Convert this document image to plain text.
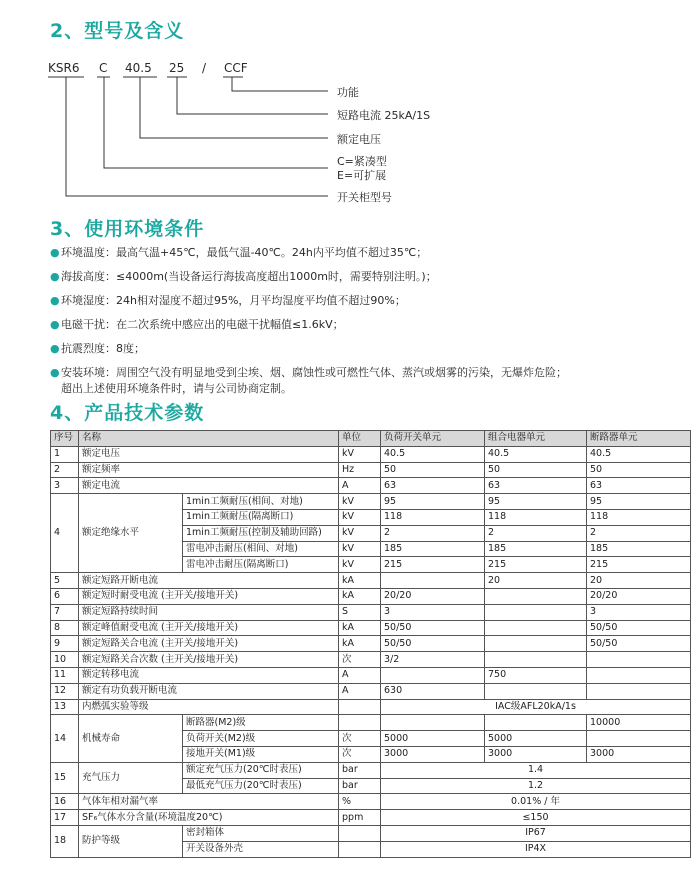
2、型号及含义
KSR6 C 40.5 25 / CCF
功能
短路电流 25kA/1S
额定电压
C=紧凑型
E=可扩展
开关柜型号
3、使用环境条件
● 环境温度：最高气温+45℃，最低气温-40℃。24h内平均值不超过35℃；
● 海拔高度：≤4000m(当设备运行海拔高度超出1000m时，需要特别注明。)；
● 环境湿度：24h相对湿度不超过95%，月平均湿度平均值不超过90%；
● 电磁干扰：在二次系统中感应出的电磁干扰幅值≤1.6kV；
● 抗震烈度：8度；
● 安装环境：周围空气没有明显地受到尘埃、烟、腐蚀性或可燃性气体、蒸汽或烟雾的污染，无爆炸危险；
超出上述使用环境条件时，请与公司协商定制。
4、产品技术参数
序号	名称		单位	负荷开关单元	组合电器单元	断路器单元
1	额定电压		kV	40.5	40.5	40.5
2	额定频率		Hz	50	50	50
3	额定电流		A	63	63	63
4	额定绝缘水平	1min工频耐压(相间、对地)	kV	95	95	95
		1min工频耐压(隔离断口)	kV	118	118	118
		1min工频耐压(控制及辅助回路)	kV	2	2	2
		雷电冲击耐压(相间、对地)	kV	185	185	185
		雷电冲击耐压(隔离断口)	kV	215	215	215
5	额定短路开断电流		kA		20	20
6	额定短时耐受电流 (主开关/接地开关)		kA	20/20		20/20
7	额定短路持续时间		S	3		3
8	额定峰值耐受电流 (主开关/接地开关)		kA	50/50		50/50
9	额定短路关合电流 (主开关/接地开关)		kA	50/50		50/50
10	额定短路关合次数 (主开关/接地开关)		次	3/2		
11	额定转移电流		A		750	
12	额定有功负载开断电流		A	630		
13	内燃弧实验等级			IAC级AFL20kA/1s		
14	机械寿命	断路器(M2)级				10000
		负荷开关(M2)级	次	5000	5000	
		接地开关(M1)级	次	3000	3000	3000
15	充气压力	额定充气压力(20℃时表压)	bar	1.4		
		最低充气压力(20℃时表压)	bar	1.2		
16	气体年相对漏气率		%	0.01% / 年		
17	SF₆气体水分含量(环境温度20℃)		ppm	≤150		
18	防护等级	密封箱体		IP67		
		开关设备外壳		IP4X		
